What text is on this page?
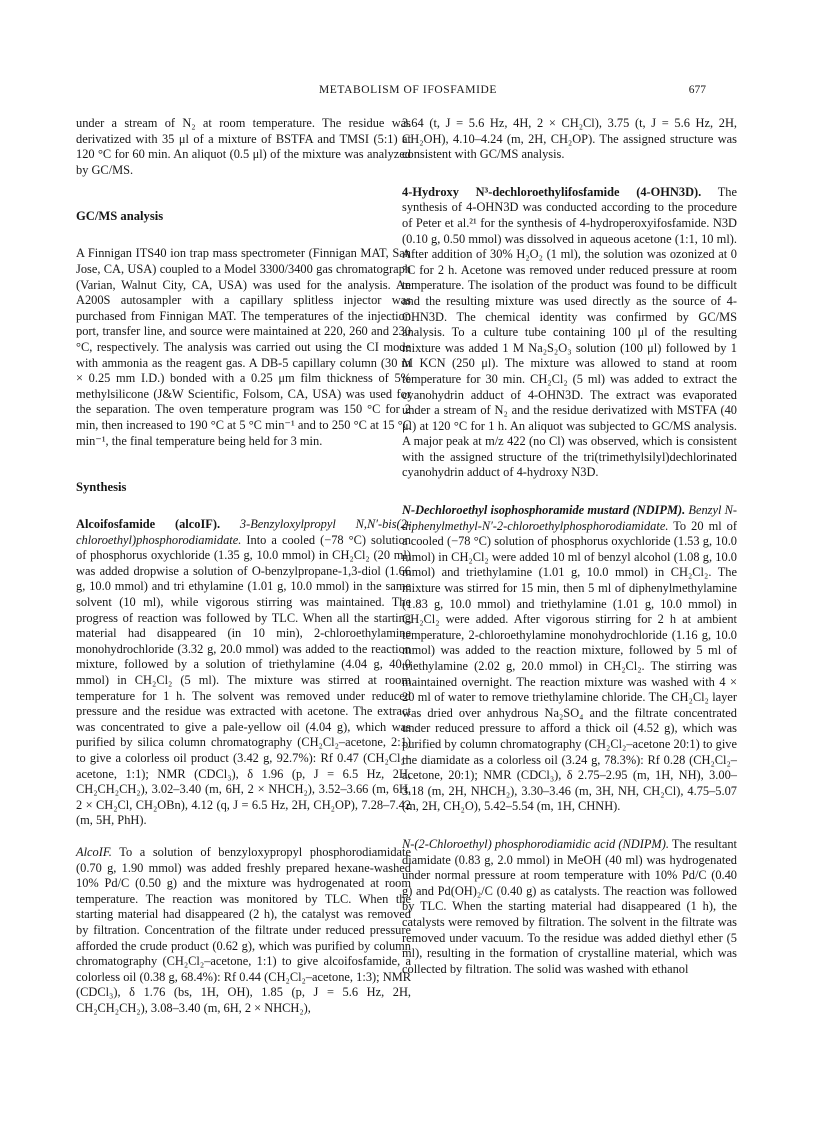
METABOLISM OF IFOSFAMIDE	677

under a stream of N₂ at room temperature. The residue was derivatized with 35 μl of a mixture of BSTFA and TMSI (5:1) at 120 °C for 60 min. An aliquot (0.5 μl) of the mixture was analyzed by GC/MS.

GC/MS analysis

A Finnigan ITS40 ion trap mass spectrometer (Finnigan MAT, San Jose, CA, USA) coupled to a Model 3300/3400 gas chromatograph (Varian, Walnut City, CA, USA) was used for the analysis. An A200S autosampler with a capillary splitless injector was purchased from Finnigan MAT. The temperatures of the injection port, transfer line, and source were maintained at 220, 260 and 230 °C, respectively. The analysis was carried out using the CI mode with ammonia as the reagent gas. A DB-5 capillary column (30 m × 0.25 mm I.D.) bonded with a 0.25 μm film thickness of 5% methylsilicone (J&W Scientific, Folsom, CA, USA) was used for the separation. The oven temperature program was 150 °C for 2 min, then increased to 190 °C at 5 °C min⁻¹ and to 250 °C at 15 °C min⁻¹, the final temperature being held for 3 min.

Synthesis

Alcoifosfamide (alcoIF). 3-Benzyloxylpropyl N,N′-bis(2-chloroethyl)phosphorodiamidate. Into a cooled (−78 °C) solution of phosphorus oxychloride (1.35 g, 10.0 mmol) in CH₂Cl₂ (20 ml) was added dropwise a solution of O-benzylpropane-1,3-diol (1.66 g, 10.0 mmol) and tri ethylamine (1.01 g, 10.0 mmol) in the same solvent (10 ml), while vigorous stirring was maintained. The progress of reaction was followed by TLC. When all the starting material had disappeared (in 10 min), 2-chloroethylamine monohydrochloride (3.32 g, 20.0 mmol) was added to the reaction mixture, followed by a solution of triethylamine (4.04 g, 40.0 mmol) in CH₂Cl₂ (5 ml). The mixture was stirred at room temperature for 1 h. The solvent was removed under reduced pressure and the residue was extracted with acetone. The extract was concentrated to give a pale-yellow oil (4.04 g), which was purified by silica column chromatography (CH₂Cl₂–acetone, 2:1) to give a colorless oil product (3.42 g, 92.7%): Rf 0.47 (CH₂Cl₂–acetone, 1:1); NMR (CDCl₃), δ 1.96 (p, J = 6.5 Hz, 2H, CH₂CH₂CH₂), 3.02–3.40 (m, 6H, 2 × NHCH₂), 3.52–3.66 (m, 6H, 2 × CH₂Cl, CH₂OBn), 4.12 (q, J = 6.5 Hz, 2H, CH₂OP), 7.28–7.42 (m, 5H, PhH).

AlcoIF. To a solution of benzyloxypropyl phosphorodiamidate (0.70 g, 1.90 mmol) was added freshly prepared hexane-washed 10% Pd/C (0.50 g) and the mixture was hydrogenated at room temperature. The reaction was monitored by TLC. When the starting material had disappeared (2 h), the catalyst was removed by filtration. Concentration of the filtrate under reduced pressure afforded the crude product (0.62 g), which was purified by column chromatography (CH₂Cl₂–acetone, 1:1) to give alcoifosfamide, a colorless oil (0.38 g, 68.4%): Rf 0.44 (CH₂Cl₂–acetone, 1:3); NMR (CDCl₃), δ 1.76 (bs, 1H, OH), 1.85 (p, J = 5.6 Hz, 2H, CH₂CH₂CH₂), 3.08–3.40 (m, 6H, 2 × NHCH₂),

3.64 (t, J = 5.6 Hz, 4H, 2 × CH₂Cl), 3.75 (t, J = 5.6 Hz, 2H, CH₂OH), 4.10–4.24 (m, 2H, CH₂OP). The assigned structure was consistent with GC/MS analysis.

4-Hydroxy N³-dechloroethylifosfamide (4-OHN3D). The synthesis of 4-OHN3D was conducted according to the procedure of Peter et al.²¹ for the synthesis of 4-hydroperoxyifosfamide. N3D (0.10 g, 0.50 mmol) was dissolved in aqueous acetone (1:1, 10 ml). After addition of 30% H₂O₂ (1 ml), the solution was ozonized at 0 °C for 2 h. Acetone was removed under reduced pressure at room temperature. The isolation of the product was found to be difficult and the resulting mixture was used directly as the source of 4-OHN3D. The chemical identity was confirmed by GC/MS analysis. To a culture tube containing 100 μl of the resulting mixture was added 1 M Na₂S₂O₃ solution (100 μl) followed by 1 M KCN (250 μl). The mixture was allowed to stand at room temperature for 30 min. CH₂Cl₂ (5 ml) was added to extract the cyanohydrin adduct of 4-OHN3D. The extract was evaporated under a stream of N₂ and the residue derivatized with MSTFA (40 μl) at 120 °C for 1 h. An aliquot was subjected to GC/MS analysis. A major peak at m/z 422 (no Cl) was observed, which is consistent with the assigned structure of the tri(trimethylsilyl)dechlorinated cyanohydrin adduct of 4-hydroxy N3D.

N-Dechloroethyl isophosphoramide mustard (NDIPM). Benzyl N-diphenylmethyl-N′-2-chloroethylphosphorodiamidate. To 20 ml of a cooled (−78 °C) solution of phosphorus oxychloride (1.53 g, 10.0 mmol) in CH₂Cl₂ were added 10 ml of benzyl alcohol (1.08 g, 10.0 mmol) and triethylamine (1.01 g, 10.0 mmol) in CH₂Cl₂. The mixture was stirred for 15 min, then 5 ml of diphenylmethylamine (1.83 g, 10.0 mmol) and triethylamine (1.01 g, 10.0 mmol) in CH₂Cl₂ were added. After vigorous stirring for 2 h at ambient temperature, 2-chloroethylamine monohydrochloride (1.16 g, 10.0 mmol) was added to the reaction mixture, followed by 5 ml of triethylamine (2.02 g, 20.0 mmol) in CH₂Cl₂. The stirring was maintained overnight. The reaction mixture was washed with 4 × 20 ml of water to remove triethylamine chloride. The CH₂Cl₂ layer was dried over anhydrous Na₂SO₄ and the filtrate concentrated under reduced pressure to afford a thick oil (4.52 g), which was purified by column chromatography (CH₂Cl₂–acetone 20:1) to give the diamidate as a colorless oil (3.24 g, 78.3%): Rf 0.28 (CH₂Cl₂–acetone, 20:1); NMR (CDCl₃), δ 2.75–2.95 (m, 1H, NH), 3.00–3.18 (m, 2H, NHCH₂), 3.30–3.46 (m, 3H, NH, CH₂Cl), 4.75–5.07 (m, 2H, CH₂O), 5.42–5.54 (m, 1H, CHNH).

N-(2-Chloroethyl) phosphorodiamidic acid (NDIPM). The resultant diamidate (0.83 g, 2.0 mmol) in MeOH (40 ml) was hydrogenated under normal pressure at room temperature with 10% Pd/C (0.40 g) and Pd(OH)₂/C (0.40 g) as catalysts. The reaction was followed by TLC. When the starting material had disappeared (1 h), the catalysts were removed by filtration. The solvent in the filtrate was removed under vacuum. To the residue was added diethyl ether (5 ml), resulting in the formation of crystalline material, which was collected by filtration. The solid was washed with ethanol
